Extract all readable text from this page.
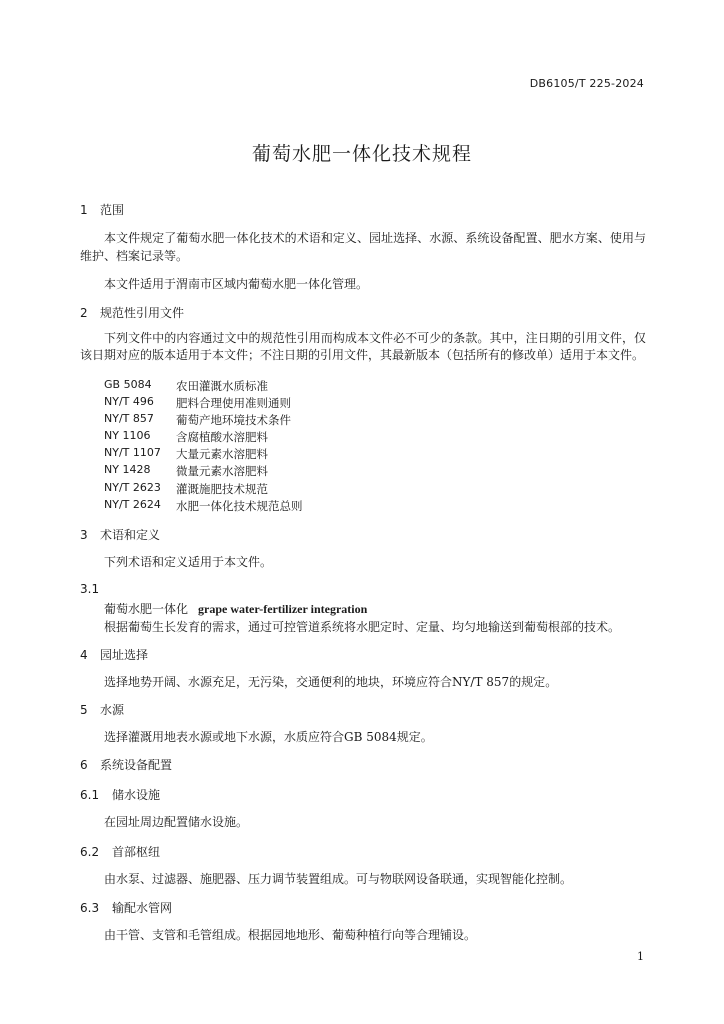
DB6105/T 225-2024
葡萄水肥一体化技术规程
1 范围
本文件规定了葡萄水肥一体化技术的术语和定义、园址选择、水源、系统设备配置、肥水方案、使用与维护、档案记录等。
本文件适用于渭南市区域内葡萄水肥一体化管理。
2 规范性引用文件
下列文件中的内容通过文中的规范性引用而构成本文件必不可少的条款。其中，注日期的引用文件，仅该日期对应的版本适用于本文件；不注日期的引用文件，其最新版本（包括所有的修改单）适用于本文件。
GB 5084	农田灌溉水质标准
NY/T 496	肥料合理使用准则通则
NY/T 857	葡萄产地环境技术条件
NY 1106	含腐植酸水溶肥料
NY/T 1107	大量元素水溶肥料
NY 1428	微量元素水溶肥料
NY/T 2623	灌溉施肥技术规范
NY/T 2624	水肥一体化技术规范总则
3 术语和定义
下列术语和定义适用于本文件。
3.1
葡萄水肥一体化 grape water-fertilizer integration
根据葡萄生长发育的需求，通过可控管道系统将水肥定时、定量、均匀地输送到葡萄根部的技术。
4 园址选择
选择地势开阔、水源充足，无污染，交通便利的地块，环境应符合NY/T 857的规定。
5 水源
选择灌溉用地表水源或地下水源，水质应符合GB 5084规定。
6 系统设备配置
6.1 储水设施
在园址周边配置储水设施。
6.2 首部枢纽
由水泵、过滤器、施肥器、压力调节装置组成。可与物联网设备联通，实现智能化控制。
6.3 输配水管网
由干管、支管和毛管组成。根据园地地形、葡萄种植行向等合理铺设。
1
